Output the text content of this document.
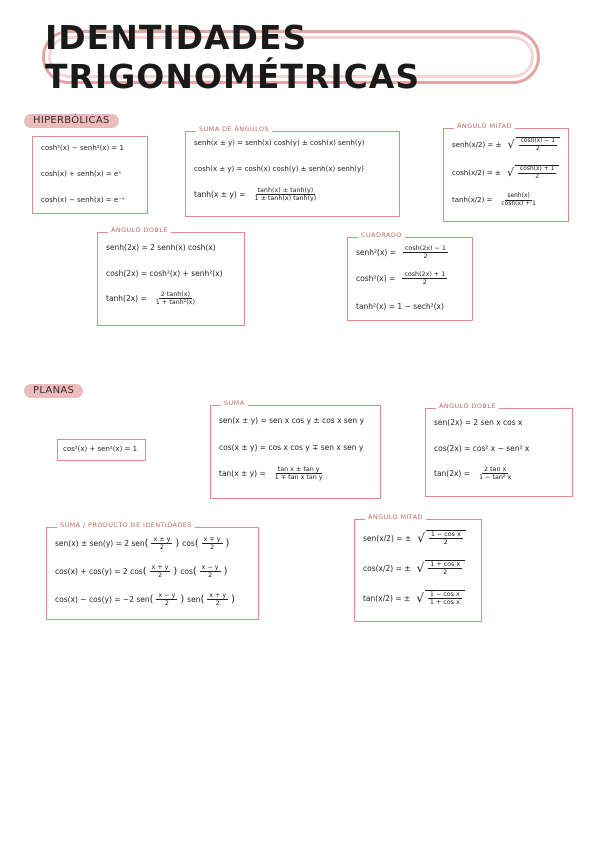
IDENTIDADES TRIGONOMÉTRICAS
HIPERBÓLICAS
cosh²(x) − senh²(x) = 1
cosh(x) + senh(x) = eˣ
cosh(x) − senh(x) = e⁻ˣ
SUMA DE ÁNGULOS
senh(x ± y) = senh(x) cosh(y) ± cosh(x) senh(y)
cosh(x ± y) = cosh(x) cosh(y) ± senh(x) senh(y)
$\tanh(x \pm y) = \frac{\tanh(x) \pm \tanh(y)}{1 \pm \tanh(x) \tanh(y)}$
ÁNGULO MITAD
senh(x/2) = ± √ $\frac{\cosh(x) - 1}{2}$
cosh(x/2) = ± √ $\frac{\cosh(x) + 1}{2}$
$\tanh(x/2) = \frac{\text{senh(x)}}{\cosh(x) + 1}$
ÁNGULO DOBLE
senh(2x) = 2 senh(x) cosh(x)
cosh(2x) = cosh²(x) + senh²(x)
$\tanh(2x) = \frac{2 \tanh(x)}{\text{1 + tanh²(x)}}$
CUADRADO
senh²(x) = $\frac{\cosh(2x) - 1}{2}$
$\cosh^2(x) = \frac{\cosh(2x) + 1}{2}$
tanh²(x) = 1 − sech²(x)
PLANAS
cos²(x) + sen²(x) = 1
SUMA
sen(x ± y) = sen x cos y ± cos x sen y
cos(x ± y) = cos x cos y ∓ sen x sen y
$\tan(x \pm y) = \frac{\text{tan x ± tan y}}{\text{1 ∓ tan x tan y}}$
ÁNGULO DOBLE
sen(2x) = 2 sen x cos x
cos(2x) = cos² x − sen² x
$\tan(2x) = \frac{\text{2 tan x}}{\text{1 − tan² x}}$
SUMA / PRODUCTO DE IDENTIDADES
sen(x) ± sen(y) = 2 sen ( $\frac{x \pm y}{2}$ ) cos ( $\frac{x \mp y}{2}$ )
cos(x) + cos(y) = 2 cos ( $\frac{x + y}{2}$ ) cos ( $\frac{x - y}{2}$ )
cos(x) − cos(y) = −2 sen ( $\frac{x - y}{2}$ ) sen ( $\frac{x + y}{2}$ )
ÁNGULO MITAD
sen(x/2) = ± √ $\frac{\text{1 − cos x}}{2}$
cos(x/2) = ± √ $\frac{\text{1 + cos x}}{2}$
tan(x/2) = ± √ $\frac{\text{1 − cos x}}{\text{1 + cos x}}$
